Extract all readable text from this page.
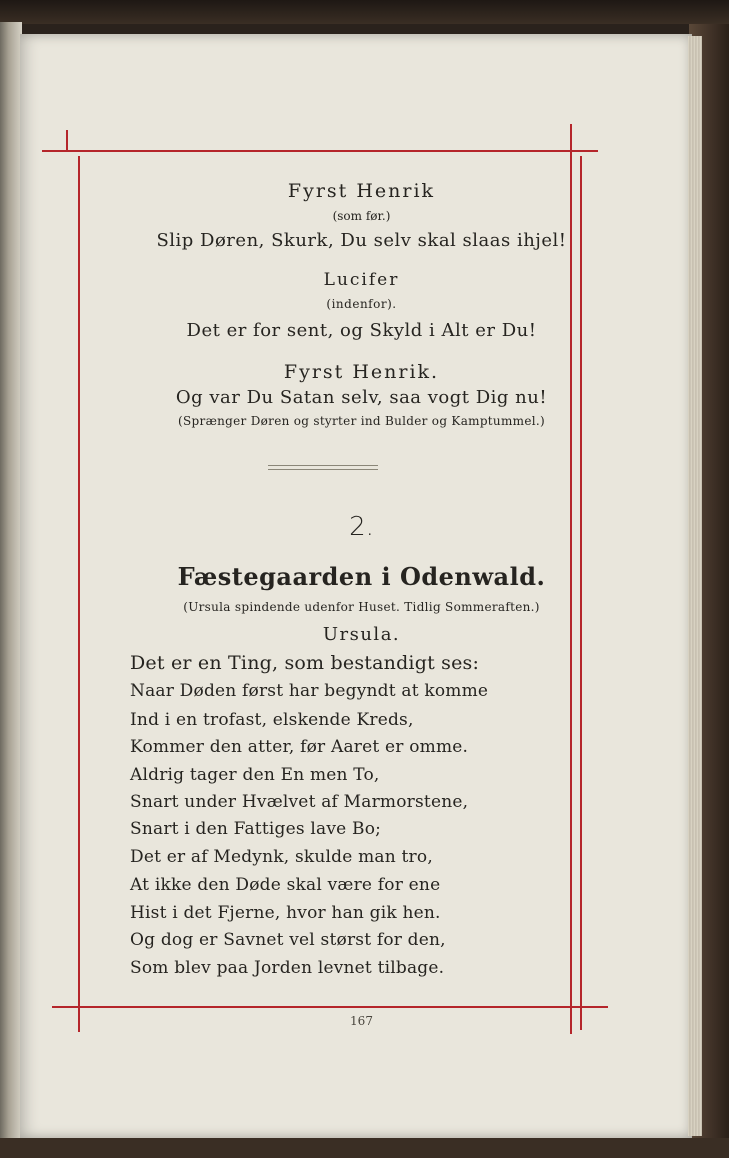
Fyrst Henrik
(som før.)
Slip Døren, Skurk, Du selv skal slaas ihjel!
Lucifer
(indenfor).
Det er for sent, og Skyld i Alt er Du!
Fyrst Henrik.
Og var Du Satan selv, saa vogt Dig nu!
(Sprænger Døren og styrter ind Bulder og Kamptummel.)
2.
Fæstegaarden i Odenwald.
(Ursula spindende udenfor Huset. Tidlig Sommeraften.)
Ursula.
Det er en Ting, som bestandigt ses:
Naar Døden først har begyndt at komme
Ind i en trofast, elskende Kreds,
Kommer den atter, før Aaret er omme.
Aldrig tager den En men To,
Snart under Hvælvet af Marmorstene,
Snart i den Fattiges lave Bo;
Det er af Medynk, skulde man tro,
At ikke den Døde skal være for ene
Hist i det Fjerne, hvor han gik hen.
Og dog er Savnet vel størst for den,
Som blev paa Jorden levnet tilbage.
167
